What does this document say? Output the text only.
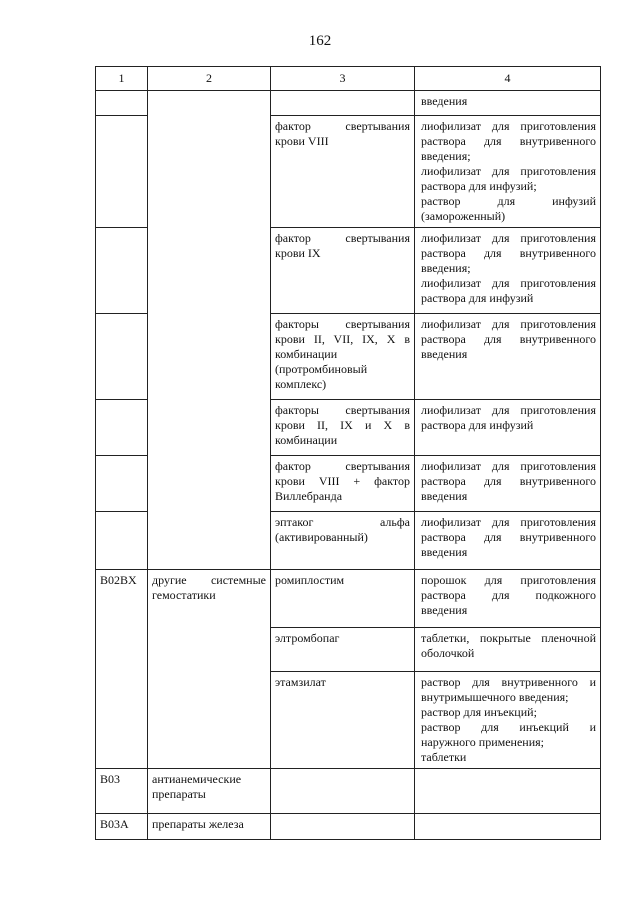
162
1	2	3	4

			введения

		фактор свертывания крови VIII	лиофилизат для приготовления раствора для внутривенного введения;
лиофилизат для приготовления раствора для инфузий;
раствор для инфузий (замороженный)

		фактор свертывания крови IX	лиофилизат для приготовления раствора для внутривенного введения;
лиофилизат для приготовления раствора для инфузий

		факторы свертывания крови II, VII, IX, X в комбинации (протромбиновый комплекс)	лиофилизат для приготовления раствора для внутривенного введения

		факторы свертывания крови II, IX и X в комбинации	лиофилизат для приготовления раствора для инфузий

		фактор свертывания крови VIII + фактор Виллебранда	лиофилизат для приготовления раствора для внутривенного введения

		эптаког альфа (активированный)	лиофилизат для приготовления раствора для внутривенного введения

B02BX	другие системные гемостатики	ромиплостим	порошок для приготовления раствора для подкожного введения

		элтромбопаг	таблетки, покрытые пленочной оболочкой

		этамзилат	раствор для внутривенного и внутримышечного введения;
раствор для инъекций;
раствор для инъекций и наружного применения;
таблетки

B03	антианемические препараты		
B03A	препараты железа		
